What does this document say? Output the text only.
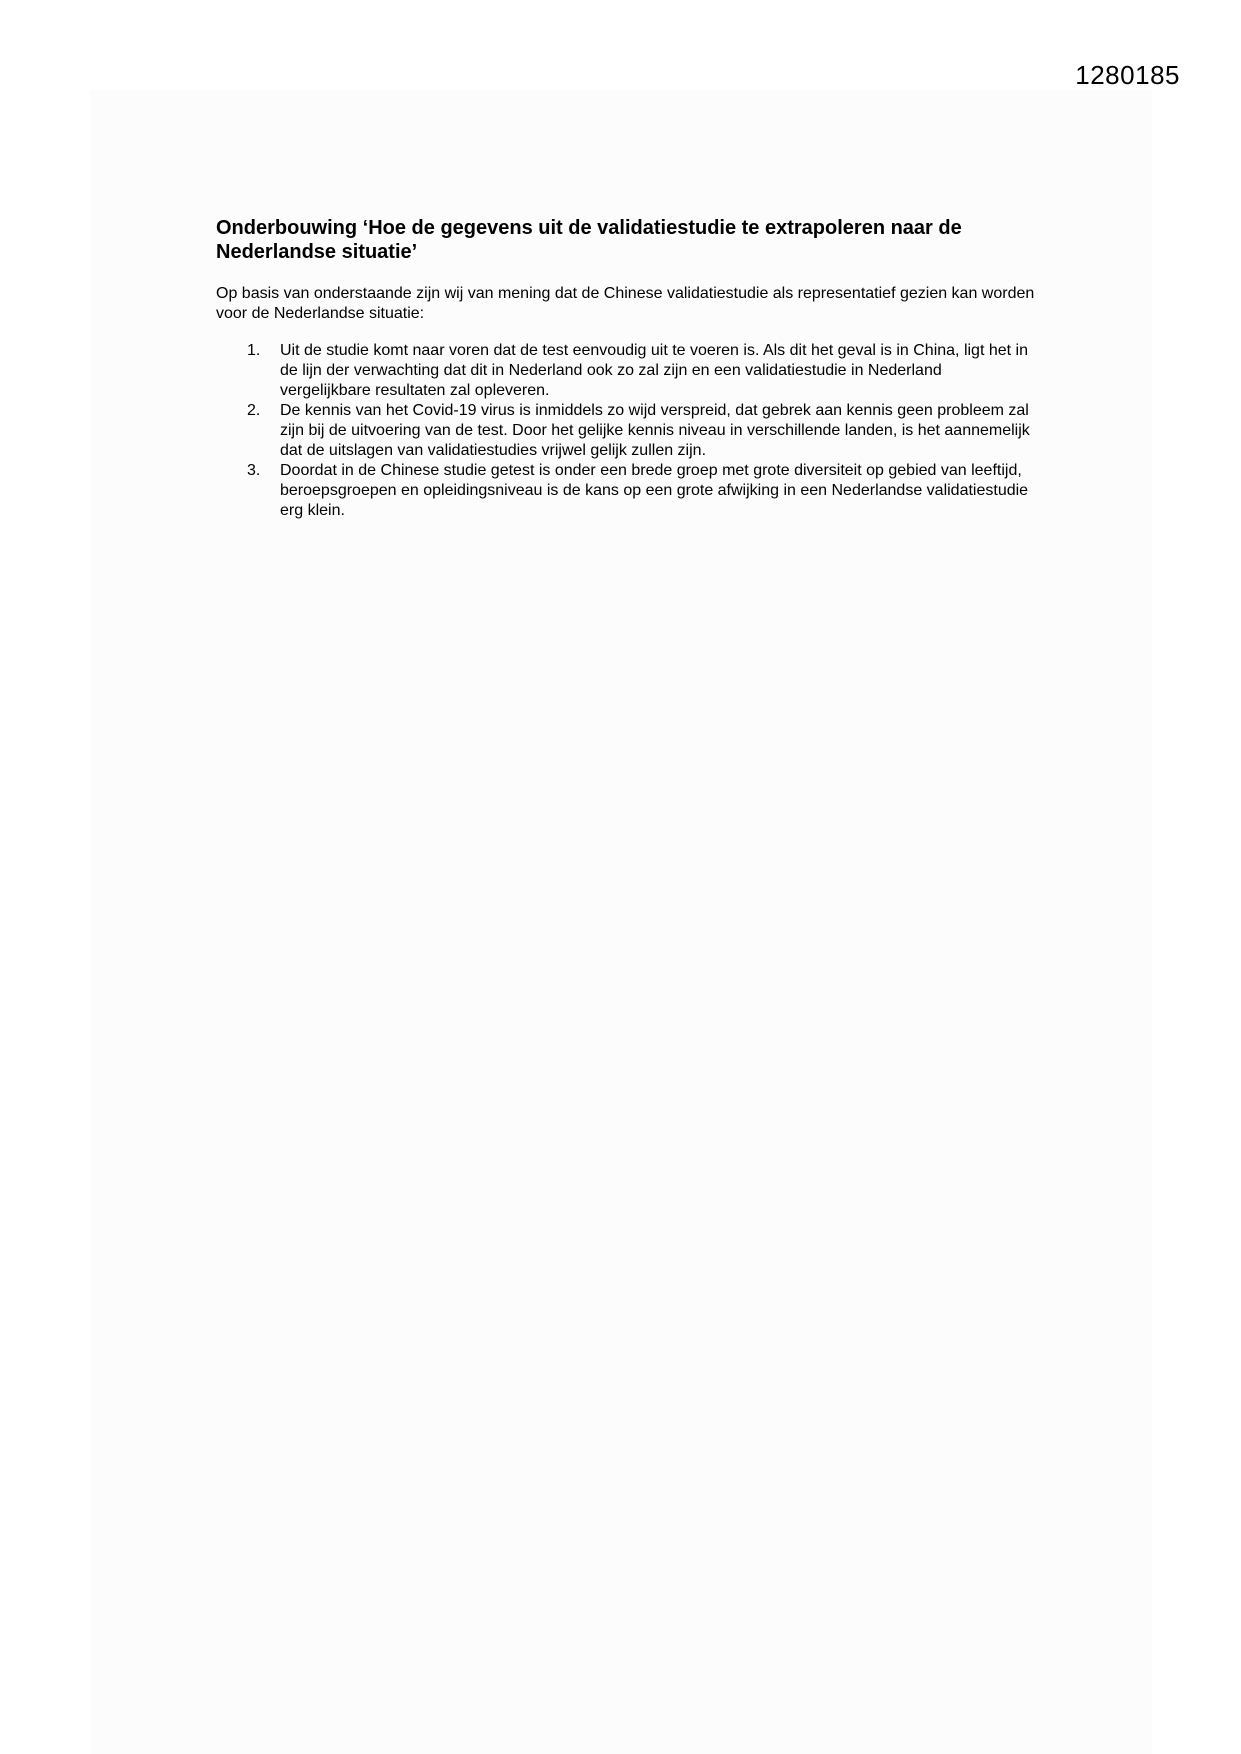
1280185
Onderbouwing ‘Hoe de gegevens uit de validatiestudie te extrapoleren naar de Nederlandse situatie’

Op basis van onderstaande zijn wij van mening dat de Chinese validatiestudie als representatief gezien kan worden voor de Nederlandse situatie:

1. Uit de studie komt naar voren dat de test eenvoudig uit te voeren is. Als dit het geval is in China, ligt het in de lijn der verwachting dat dit in Nederland ook zo zal zijn en een validatiestudie in Nederland vergelijkbare resultaten zal opleveren.
2. De kennis van het Covid-19 virus is inmiddels zo wijd verspreid, dat gebrek aan kennis geen probleem zal zijn bij de uitvoering van de test. Door het gelijke kennis niveau in verschillende landen, is het aannemelijk dat de uitslagen van validatiestudies vrijwel gelijk zullen zijn.
3. Doordat in de Chinese studie getest is onder een brede groep met grote diversiteit op gebied van leeftijd, beroepsgroepen en opleidingsniveau is de kans op een grote afwijking in een Nederlandse validatiestudie erg klein.
